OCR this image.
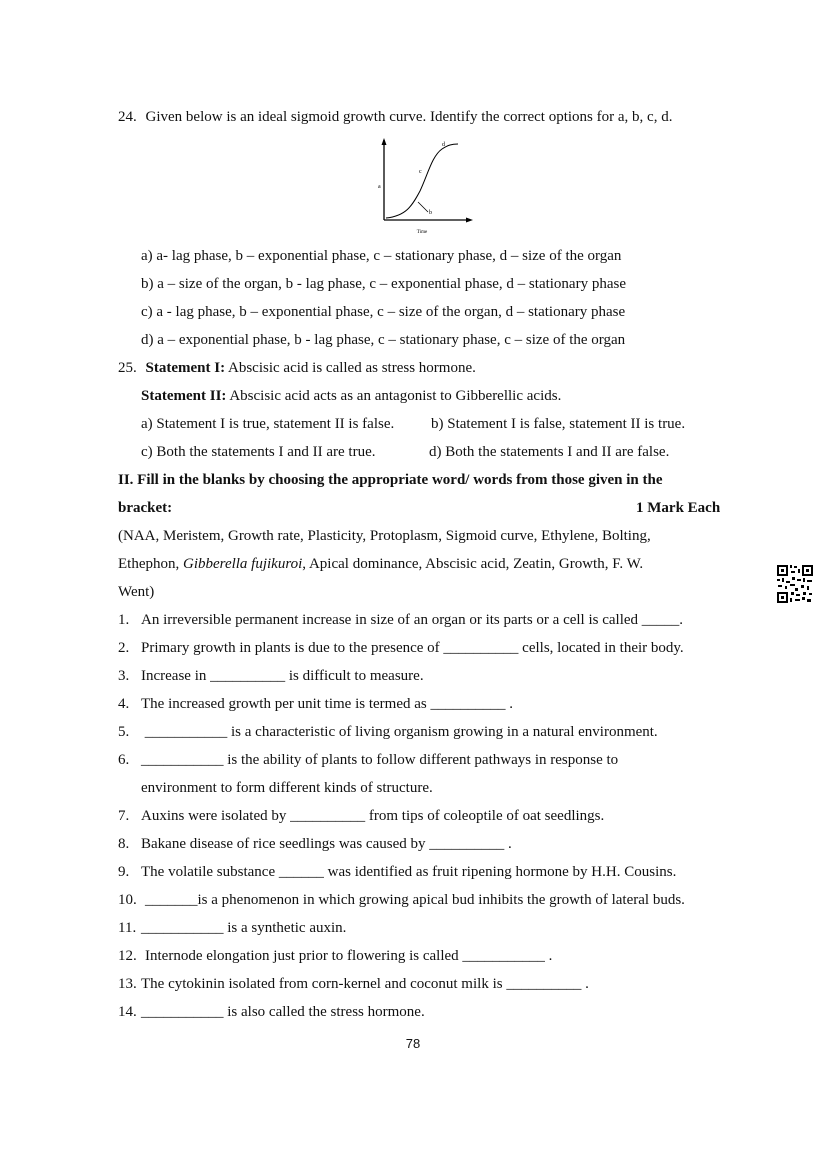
24. Given below is an ideal sigmoid growth curve. Identify the correct options for a, b, c, d.
a
b
c
d
Time
a) a- lag phase, b – exponential phase, c – stationary phase, d – size of the organ
b) a – size of the organ, b - lag phase, c – exponential phase, d – stationary phase
c) a - lag phase, b – exponential phase, c – size of the organ, d – stationary phase
d) a – exponential phase, b - lag phase, c – stationary phase, c – size of the organ
25. Statement I: Abscisic acid is called as stress hormone.
Statement II: Abscisic acid acts as an antagonist to Gibberellic acids.
a) Statement I is true, statement II is false. b) Statement I is false, statement II is true.
c) Both the statements I and II are true.	d) Both the statements I and II are false.
II. Fill in the blanks by choosing the appropriate word/ words from those given in the
bracket:	1 Mark Each
(NAA, Meristem, Growth rate, Plasticity, Protoplasm, Sigmoid curve, Ethylene, Bolting,
Ethephon, Gibberella fujikuroi, Apical dominance, Abscisic acid, Zeatin, Growth, F. W.
Went)
1. An irreversible permanent increase in size of an organ or its parts or a cell is called _____.
2. Primary growth in plants is due to the presence of __________ cells, located in their body.
3. Increase in __________ is difficult to measure.
4. The increased growth per unit time is termed as __________ .
5. ___________ is a characteristic of living organism growing in a natural environment.
6. ___________ is the ability of plants to follow different pathways in response to
environment to form different kinds of structure.
7. Auxins were isolated by __________ from tips of coleoptile of oat seedlings.
8. Bakane disease of rice seedlings was caused by __________ .
9. The volatile substance ______ was identified as fruit ripening hormone by H.H. Cousins.
10. _______is a phenomenon in which growing apical bud inhibits the growth of lateral buds.
11. ___________ is a synthetic auxin.
12. Internode elongation just prior to flowering is called ___________ .
13. The cytokinin isolated from corn-kernel and coconut milk is __________ .
14. ___________ is also called the stress hormone.
78
